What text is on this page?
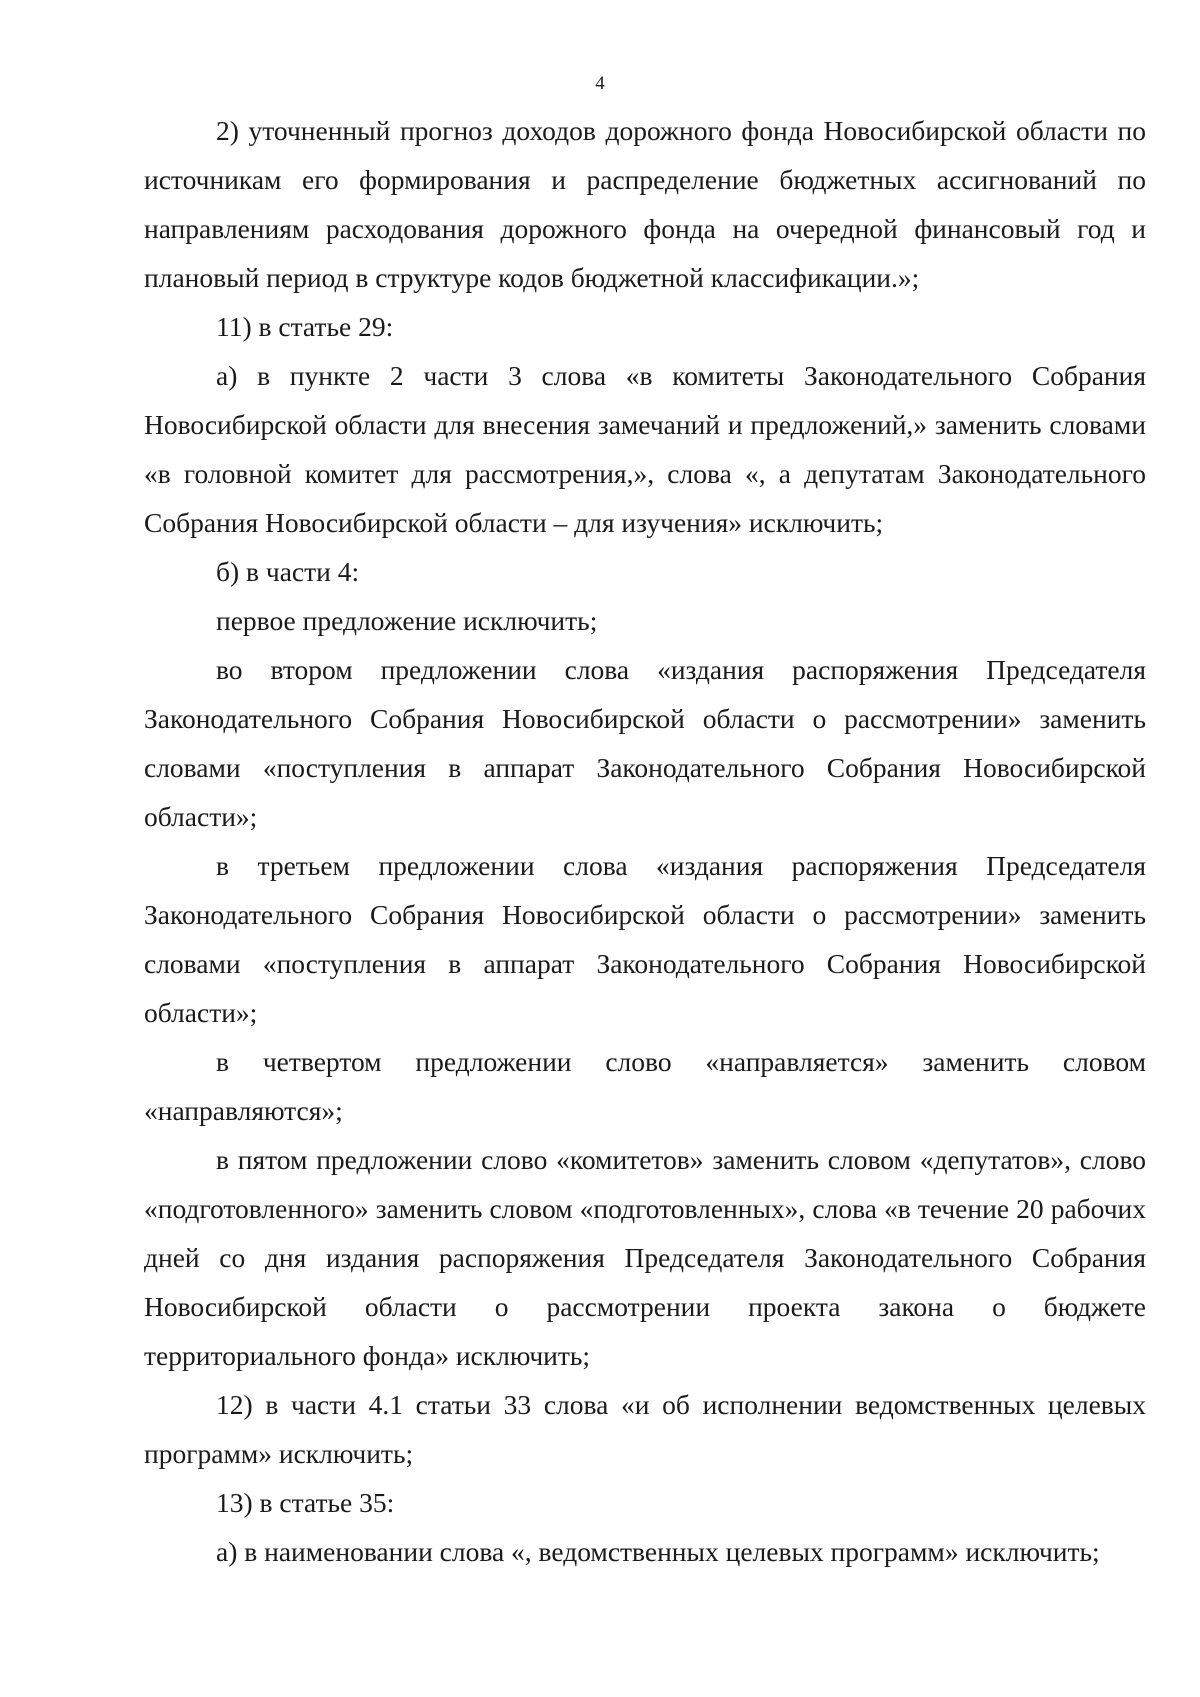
4

2) уточненный прогноз доходов дорожного фонда Новосибирской области по источникам его формирования и распределение бюджетных ассигнований по направлениям расходования дорожного фонда на очередной финансовый год и плановый период в структуре кодов бюджетной классификации.»;

11) в статье 29:

а) в пункте 2 части 3 слова «в комитеты Законодательного Собрания Новосибирской области для внесения замечаний и предложений,» заменить словами «в головной комитет для рассмотрения,», слова «, а депутатам Законодательного Собрания Новосибирской области – для изучения» исключить;

б) в части 4:

первое предложение исключить;

во втором предложении слова «издания распоряжения Председателя Законодательного Собрания Новосибирской области о рассмотрении» заменить словами «поступления в аппарат Законодательного Собрания Новосибирской области»;

в третьем предложении слова «издания распоряжения Председателя Законодательного Собрания Новосибирской области о рассмотрении» заменить словами «поступления в аппарат Законодательного Собрания Новосибирской области»;

в четвертом предложении слово «направляется» заменить словом «направляются»;

в пятом предложении слово «комитетов» заменить словом «депутатов», слово «подготовленного» заменить словом «подготовленных», слова «в течение 20 рабочих дней со дня издания распоряжения Председателя Законодательного Собрания Новосибирской области о рассмотрении проекта закона о бюджете территориального фонда» исключить;

12) в части 4.1 статьи 33 слова «и об исполнении ведомственных целевых программ» исключить;

13) в статье 35:

а) в наименовании слова «, ведомственных целевых программ» исключить;
